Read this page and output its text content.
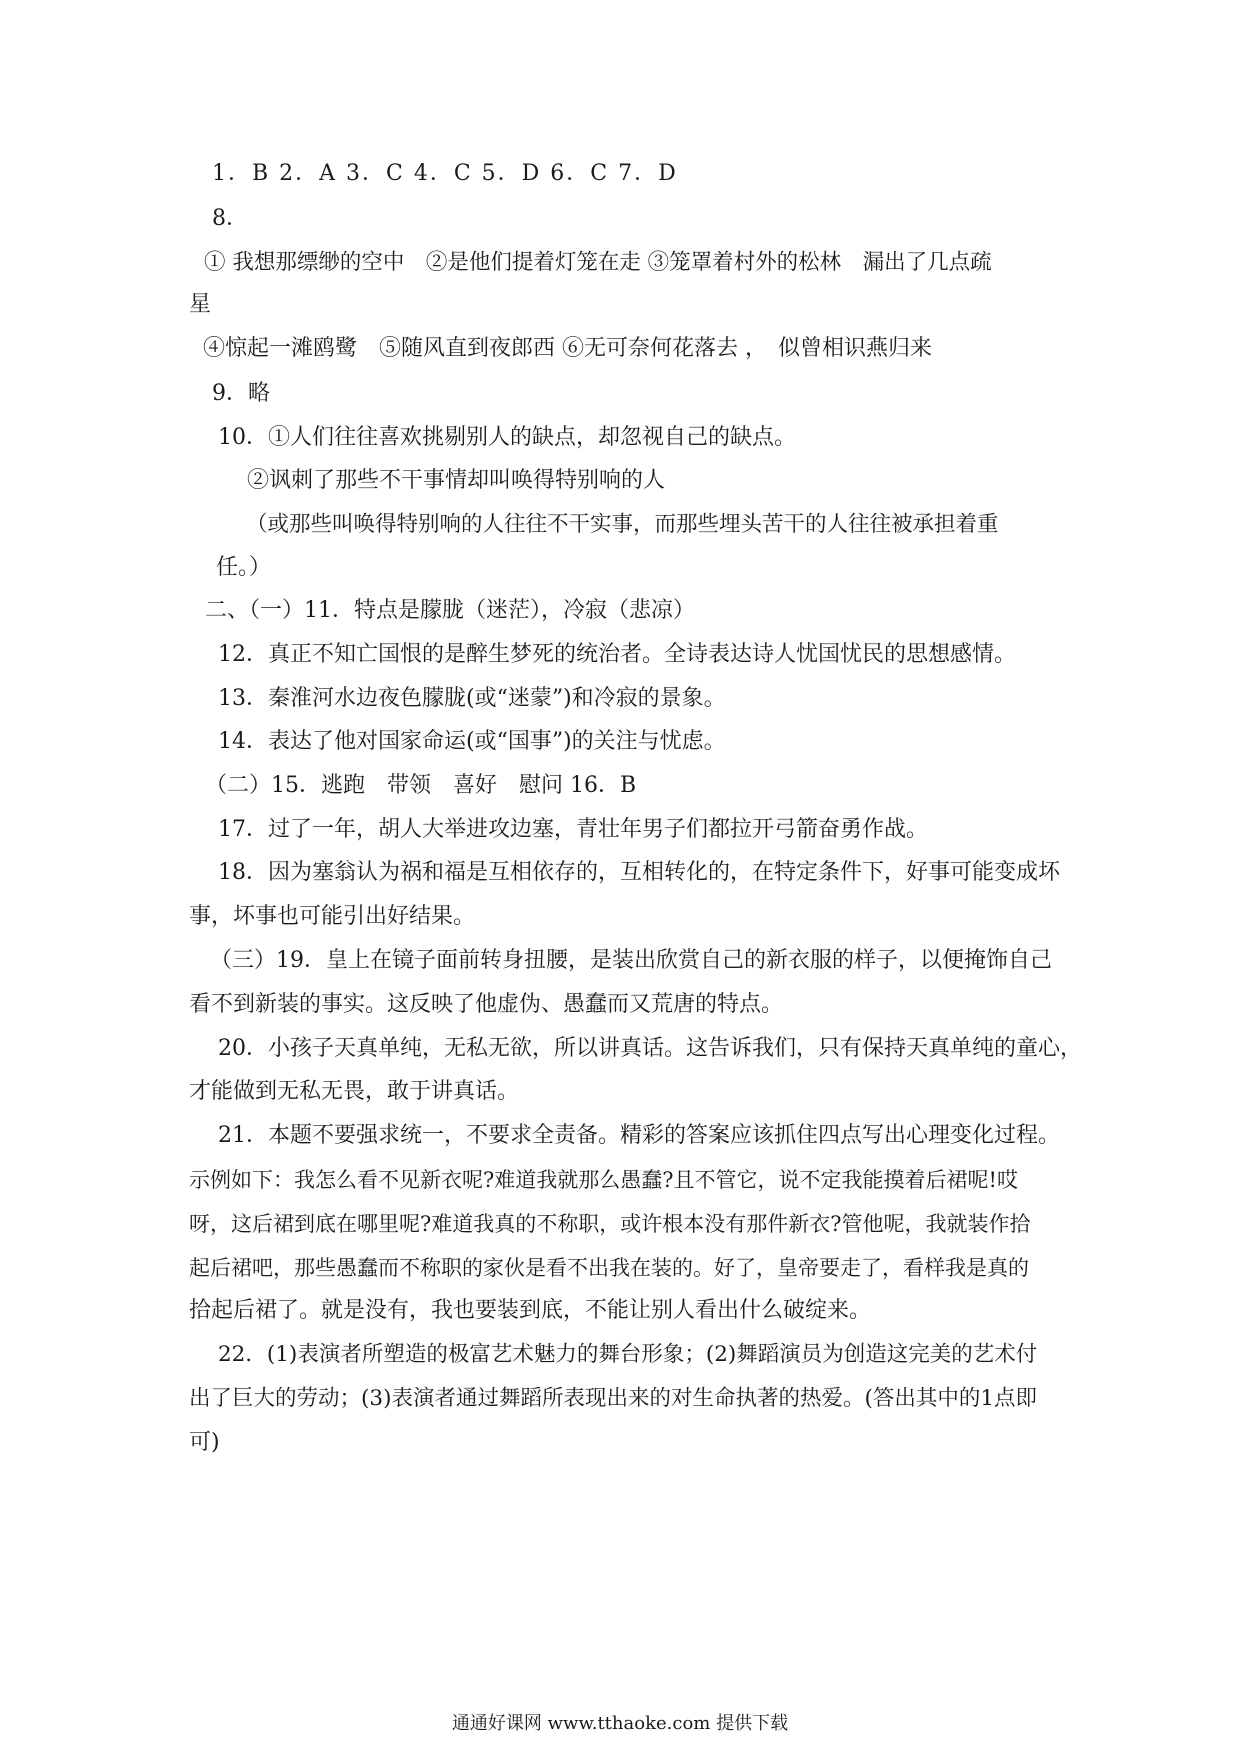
1．B 2．A 3．C 4．C 5．D 6．C 7．D
8．
① 我想那缥缈的空中　②是他们提着灯笼在走 ③笼罩着村外的松林　漏出了几点疏
星
④惊起一滩鸥鹭　⑤随风直到夜郎西 ⑥无可奈何花落去 ，　似曾相识燕归来
9．略
10．①人们往往喜欢挑剔别人的缺点，却忽视自己的缺点。
②讽刺了那些不干事情却叫唤得特别响的人
（或那些叫唤得特别响的人往往不干实事，而那些埋头苦干的人往往被承担着重
任。）
二、（一）11．特点是朦胧（迷茫），冷寂（悲凉）
12．真正不知亡国恨的是醉生梦死的统治者。全诗表达诗人忧国忧民的思想感情。
13．秦淮河水边夜色朦胧(或“迷蒙”)和冷寂的景象。
14．表达了他对国家命运(或“国事”)的关注与忧虑。
（二）15．逃跑　带领　喜好　慰问 16．B
17．过了一年，胡人大举进攻边塞，青壮年男子们都拉开弓箭奋勇作战。
18．因为塞翁认为祸和福是互相依存的，互相转化的，在特定条件下，好事可能变成坏
事，坏事也可能引出好结果。
（三）19．皇上在镜子面前转身扭腰，是装出欣赏自己的新衣服的样子，以便掩饰自己
看不到新装的事实。这反映了他虚伪、愚蠢而又荒唐的特点。
20．小孩子天真单纯，无私无欲，所以讲真话。这告诉我们，只有保持天真单纯的童心，
才能做到无私无畏，敢于讲真话。
21．本题不要强求统一，不要求全责备。精彩的答案应该抓住四点写出心理变化过程。
示例如下：我怎么看不见新衣呢?难道我就那么愚蠢?且不管它，说不定我能摸着后裙呢!哎
呀，这后裙到底在哪里呢?难道我真的不称职，或许根本没有那件新衣?管他呢，我就装作拾
起后裙吧，那些愚蠢而不称职的家伙是看不出我在装的。好了，皇帝要走了，看样我是真的
拾起后裙了。就是没有，我也要装到底，不能让别人看出什么破绽来。
22．(1)表演者所塑造的极富艺术魅力的舞台形象；(2)舞蹈演员为创造这完美的艺术付
出了巨大的劳动；(3)表演者通过舞蹈所表现出来的对生命执著的热爱。(答出其中的1点即
可)
通通好课网 www.tthaoke.com 提供下载
